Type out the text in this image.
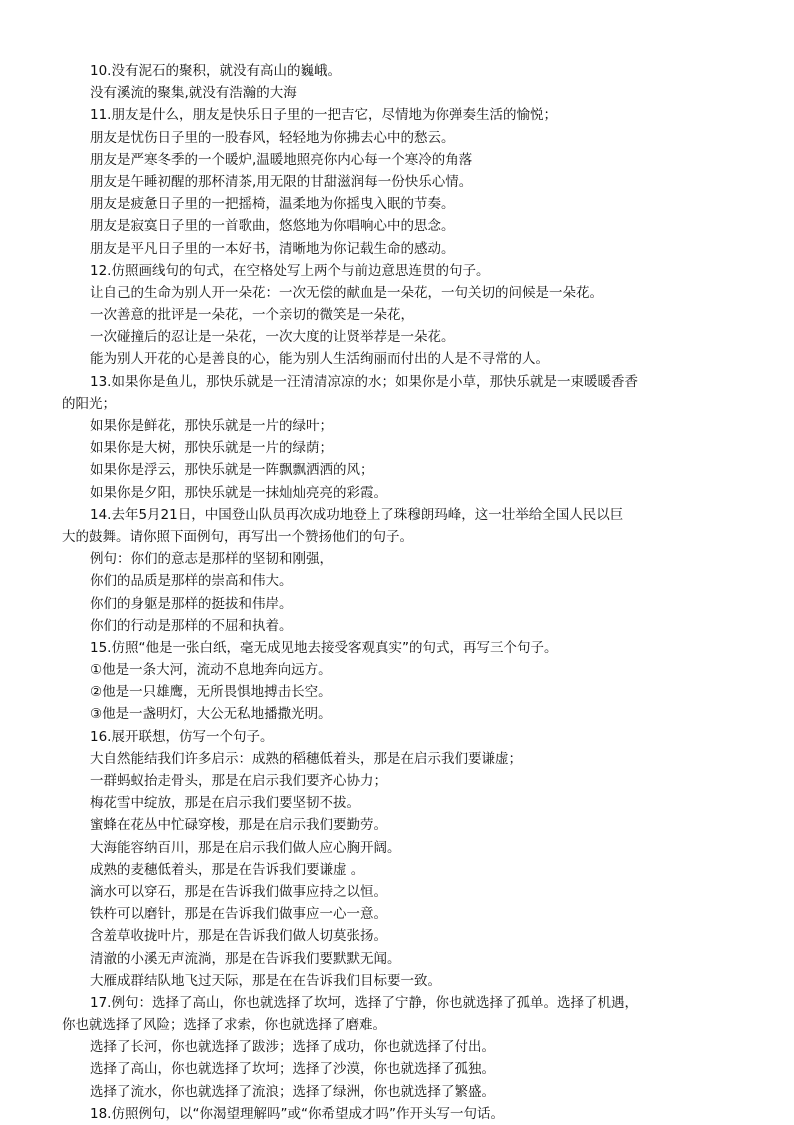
10.没有泥石的聚积，就没有高山的巍峨。
没有溪流的聚集,就没有浩瀚的大海
11.朋友是什么，朋友是快乐日子里的一把吉它，尽情地为你弹奏生活的愉悦；
朋友是忧伤日子里的一股春风，轻轻地为你拂去心中的愁云。
朋友是严寒冬季的一个暖炉,温暖地照亮你内心每一个寒冷的角落
朋友是午睡初醒的那杯清茶,用无限的甘甜滋润每一份快乐心情。
朋友是疲惫日子里的一把摇椅，温柔地为你摇曳入眠的节奏。
朋友是寂寞日子里的一首歌曲，悠悠地为你唱响心中的思念。
朋友是平凡日子里的一本好书，清晰地为你记载生命的感动。
12.仿照画线句的句式，在空格处写上两个与前边意思连贯的句子。
让自己的生命为别人开一朵花：一次无偿的献血是一朵花，一句关切的问候是一朵花。
一次善意的批评是一朵花，一个亲切的微笑是一朵花，
一次碰撞后的忍让是一朵花，一次大度的让贤举荐是一朵花。
能为别人开花的心是善良的心，能为别人生活绚丽而付出的人是不寻常的人。
13.如果你是鱼儿，那快乐就是一汪清清凉凉的水；如果你是小草，那快乐就是一束暖暖香香
的阳光；
如果你是鲜花，那快乐就是一片的绿叶；
如果你是大树，那快乐就是一片的绿荫；
如果你是浮云，那快乐就是一阵飘飘洒洒的风；
如果你是夕阳，那快乐就是一抹灿灿亮亮的彩霞。
14.去年5月21日，中国登山队员再次成功地登上了珠穆朗玛峰，这一壮举给全国人民以巨
大的鼓舞。请你照下面例句，再写出一个赞扬他们的句子。
例句：你们的意志是那样的坚韧和刚强，
你们的品质是那样的崇高和伟大。
你们的身躯是那样的挺拔和伟岸。
你们的行动是那样的不屈和执着。
15.仿照“他是一张白纸，毫无成见地去接受客观真实”的句式，再写三个句子。
①他是一条大河，流动不息地奔向远方。
②他是一只雄鹰，无所畏惧地搏击长空。
③他是一盏明灯，大公无私地播撒光明。
16.展开联想，仿写一个句子。
大自然能结我们许多启示：成熟的稻穗低着头，那是在启示我们要谦虚；
一群蚂蚁抬走骨头，那是在启示我们要齐心协力；
梅花雪中绽放，那是在启示我们要坚韧不拔。
蜜蜂在花丛中忙碌穿梭，那是在启示我们要勤劳。
大海能容纳百川，那是在启示我们做人应心胸开阔。
成熟的麦穗低着头，那是在告诉我们要谦虚 。
滴水可以穿石，那是在告诉我们做事应持之以恒。
铁杵可以磨针，那是在告诉我们做事应一心一意。
含羞草收拢叶片，那是在告诉我们做人切莫张扬。
清澈的小溪无声流淌，那是在告诉我们要默默无闻。
大雁成群结队地飞过天际，那是在在告诉我们目标要一致。
17.例句：选择了高山，你也就选择了坎坷，选择了宁静，你也就选择了孤单。选择了机遇，
你也就选择了风险；选择了求索，你也就选择了磨难。
选择了长河，你也就选择了跋涉；选择了成功，你也就选择了付出。
选择了高山，你也就选择了坎坷；选择了沙漠，你也就选择了孤独。
选择了流水，你也就选择了流浪；选择了绿洲，你也就选择了繁盛。
18.仿照例句，以“你渴望理解吗”或“你希望成才吗”作开头写一句话。
